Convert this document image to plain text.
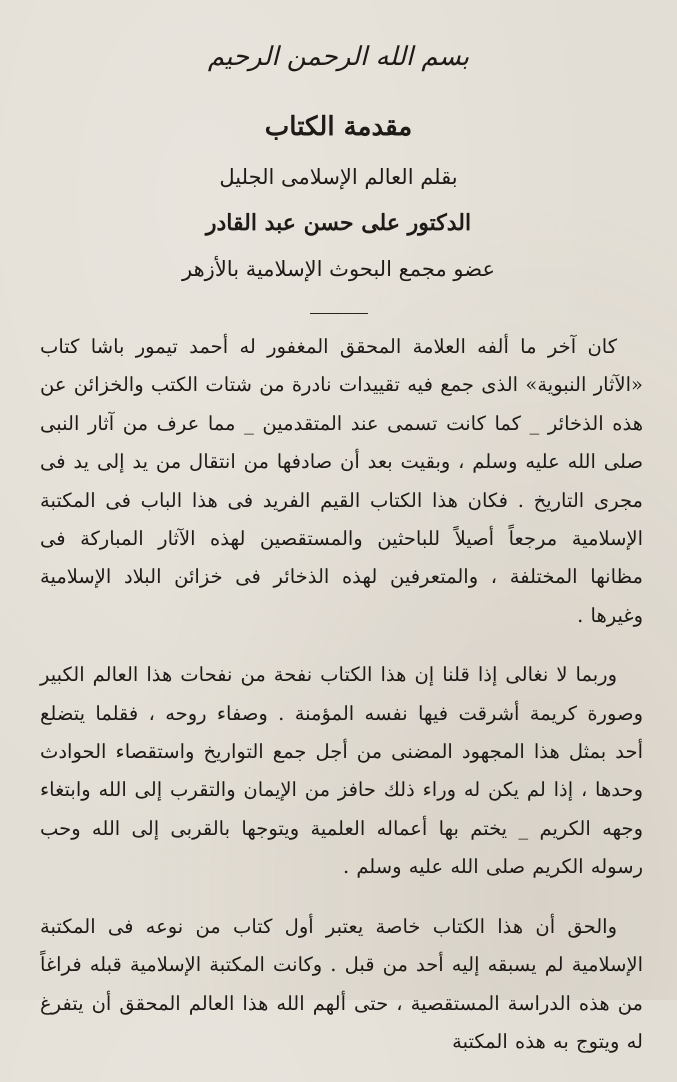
بسم الله الرحمن الرحيم
مقدمة الكتاب
بقلم العالم الإسلامى الجليل
الدكتور على حسن عبد القادر
عضو مجمع البحوث الإسلامية بالأزهر

كان آخر ما ألفه العلامة المحقق المغفور له أحمد تيمور باشا كتاب «الآثار النبوية» الذى جمع فيه تقييدات نادرة من شتات الكتب والخزائن عن هذه الذخائر _ كما كانت تسمى عند المتقدمين _ مما عرف من آثار النبى صلى الله عليه وسلم ، وبقيت بعد أن صادفها من انتقال من يد إلى يد فى مجرى التاريخ . فكان هذا الكتاب القيم الفريد فى هذا الباب فى المكتبة الإسلامية مرجعاً أصيلاً للباحثين والمستقصين لهذه الآثار المباركة فى مظانها المختلفة ، والمتعرفين لهذه الذخائر فى خزائن البلاد الإسلامية وغيرها .

وربما لا نغالى إذا قلنا إن هذا الكتاب نفحة من نفحات هذا العالم الكبير وصورة كريمة أشرقت فيها نفسه المؤمنة . وصفاء روحه ، فقلما يتضلع أحد بمثل هذا المجهود المضنى من أجل جمع التواريخ واستقصاء الحوادث وحدها ، إذا لم يكن له وراء ذلك حافز من الإيمان والتقرب إلى الله وابتغاء وجهه الكريم _ يختم بها أعماله العلمية ويتوجها بالقربى إلى الله وحب رسوله الكريم صلى الله عليه وسلم .

والحق أن هذا الكتاب خاصة يعتبر أول كتاب من نوعه فى المكتبة الإسلامية لم يسبقه إليه أحد من قبل . وكانت المكتبة الإسلامية قبله فراغاً من هذه الدراسة المستقصية ، حتى ألهم الله هذا العالم المحقق أن يتفرغ له ويتوج به هذه المكتبة
